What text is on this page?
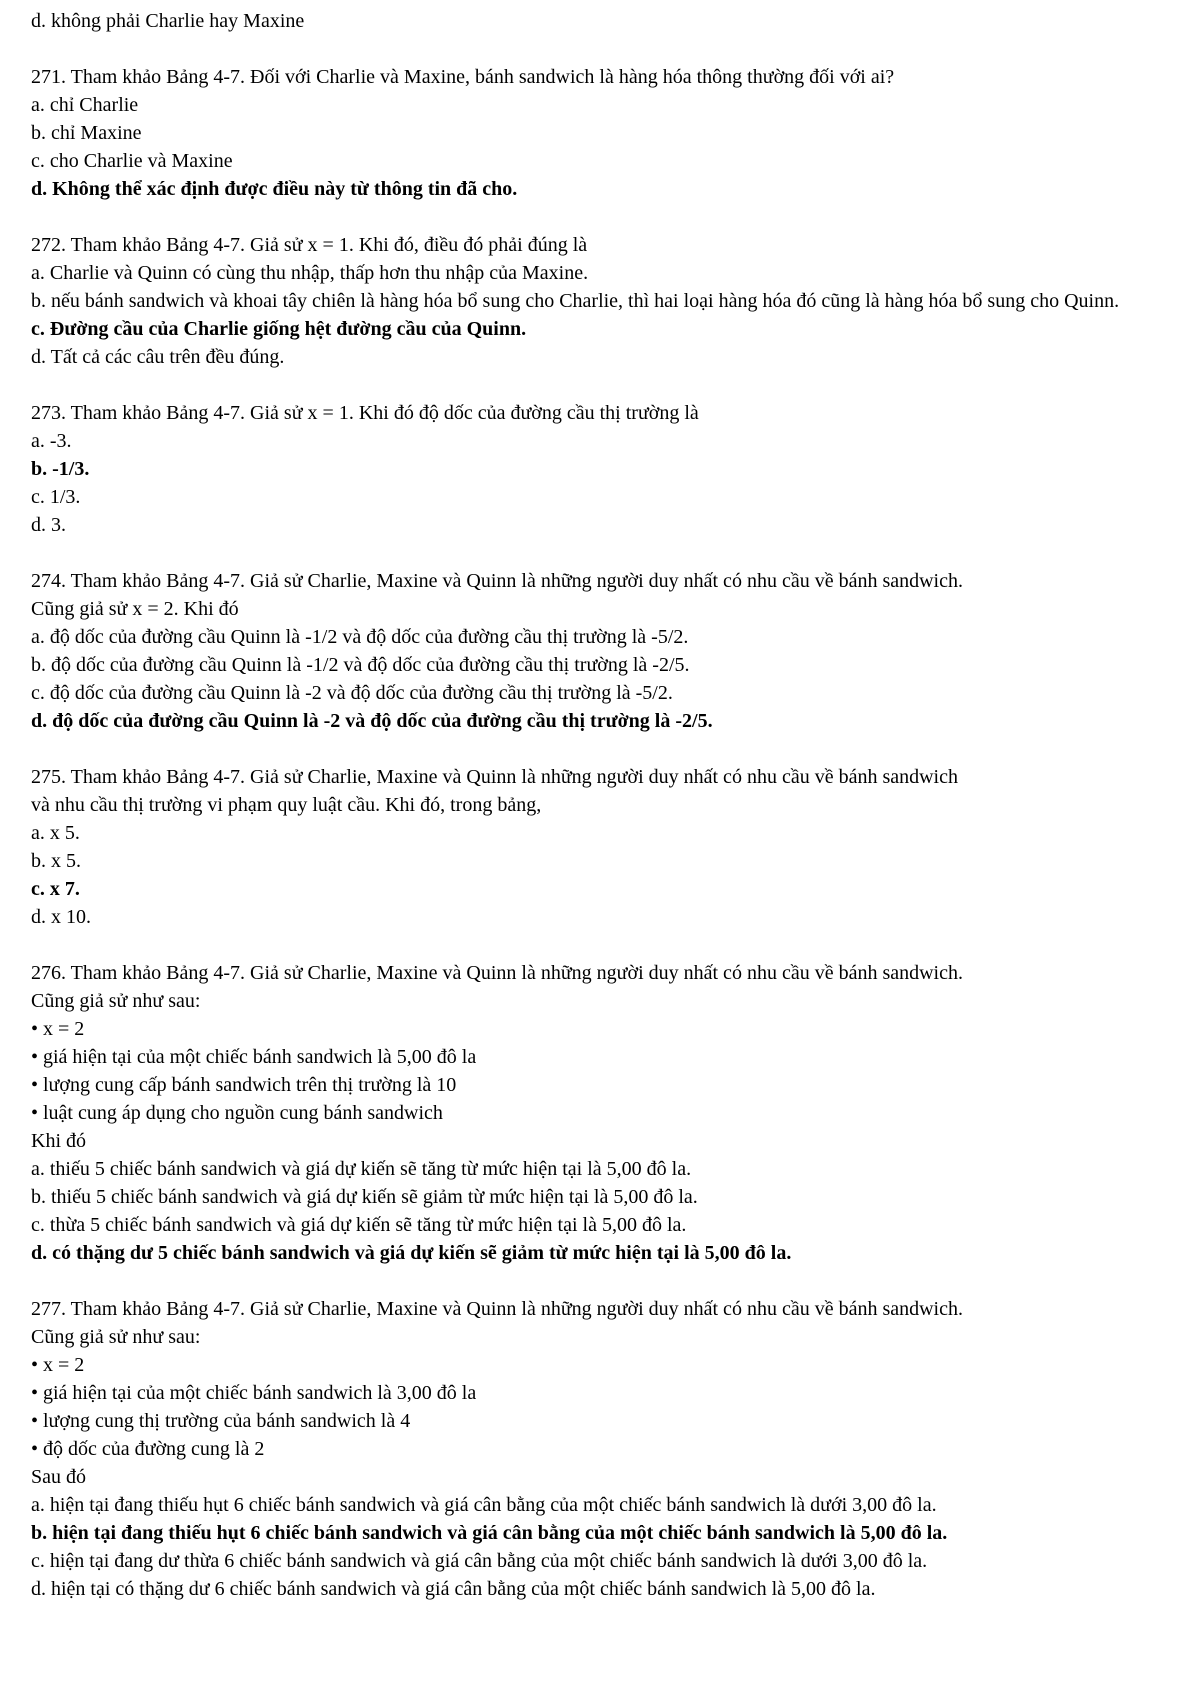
d. không phải Charlie hay Maxine
271. Tham khảo Bảng 4-7. Đối với Charlie và Maxine, bánh sandwich là hàng hóa thông thường đối với ai?
a. chỉ Charlie
b. chỉ Maxine
c. cho Charlie và Maxine
d. Không thể xác định được điều này từ thông tin đã cho.
272. Tham khảo Bảng 4-7. Giả sử x = 1. Khi đó, điều đó phải đúng là
a. Charlie và Quinn có cùng thu nhập, thấp hơn thu nhập của Maxine.
b. nếu bánh sandwich và khoai tây chiên là hàng hóa bổ sung cho Charlie, thì hai loại hàng hóa đó cũng là hàng hóa bổ sung cho Quinn.
c. Đường cầu của Charlie giống hệt đường cầu của Quinn.
d. Tất cả các câu trên đều đúng.
273. Tham khảo Bảng 4-7. Giả sử x = 1. Khi đó độ dốc của đường cầu thị trường là
a. -3.
b. -1/3.
c. 1/3.
d. 3.
274. Tham khảo Bảng 4-7. Giả sử Charlie, Maxine và Quinn là những người duy nhất có nhu cầu về bánh sandwich.
Cũng giả sử x = 2. Khi đó
a. độ dốc của đường cầu Quinn là -1/2 và độ dốc của đường cầu thị trường là -5/2.
b. độ dốc của đường cầu Quinn là -1/2 và độ dốc của đường cầu thị trường là -2/5.
c. độ dốc của đường cầu Quinn là -2 và độ dốc của đường cầu thị trường là -5/2.
d. độ dốc của đường cầu Quinn là -2 và độ dốc của đường cầu thị trường là -2/5.
275. Tham khảo Bảng 4-7. Giả sử Charlie, Maxine và Quinn là những người duy nhất có nhu cầu về bánh sandwich
và nhu cầu thị trường vi phạm quy luật cầu. Khi đó, trong bảng,
a. x 5.
b. x 5.
c. x 7.
d. x 10.
276. Tham khảo Bảng 4-7. Giả sử Charlie, Maxine và Quinn là những người duy nhất có nhu cầu về bánh sandwich.
Cũng giả sử như sau:
• x = 2
• giá hiện tại của một chiếc bánh sandwich là 5,00 đô la
• lượng cung cấp bánh sandwich trên thị trường là 10
• luật cung áp dụng cho nguồn cung bánh sandwich
Khi đó
a. thiếu 5 chiếc bánh sandwich và giá dự kiến sẽ tăng từ mức hiện tại là 5,00 đô la.
b. thiếu 5 chiếc bánh sandwich và giá dự kiến sẽ giảm từ mức hiện tại là 5,00 đô la.
c. thừa 5 chiếc bánh sandwich và giá dự kiến sẽ tăng từ mức hiện tại là 5,00 đô la.
d. có thặng dư 5 chiếc bánh sandwich và giá dự kiến sẽ giảm từ mức hiện tại là 5,00 đô la.
277. Tham khảo Bảng 4-7. Giả sử Charlie, Maxine và Quinn là những người duy nhất có nhu cầu về bánh sandwich.
Cũng giả sử như sau:
• x = 2
• giá hiện tại của một chiếc bánh sandwich là 3,00 đô la
• lượng cung thị trường của bánh sandwich là 4
• độ dốc của đường cung là 2
Sau đó
a. hiện tại đang thiếu hụt 6 chiếc bánh sandwich và giá cân bằng của một chiếc bánh sandwich là dưới 3,00 đô la.
b. hiện tại đang thiếu hụt 6 chiếc bánh sandwich và giá cân bằng của một chiếc bánh sandwich là 5,00 đô la.
c. hiện tại đang dư thừa 6 chiếc bánh sandwich và giá cân bằng của một chiếc bánh sandwich là dưới 3,00 đô la.
d. hiện tại có thặng dư 6 chiếc bánh sandwich và giá cân bằng của một chiếc bánh sandwich là 5,00 đô la.
